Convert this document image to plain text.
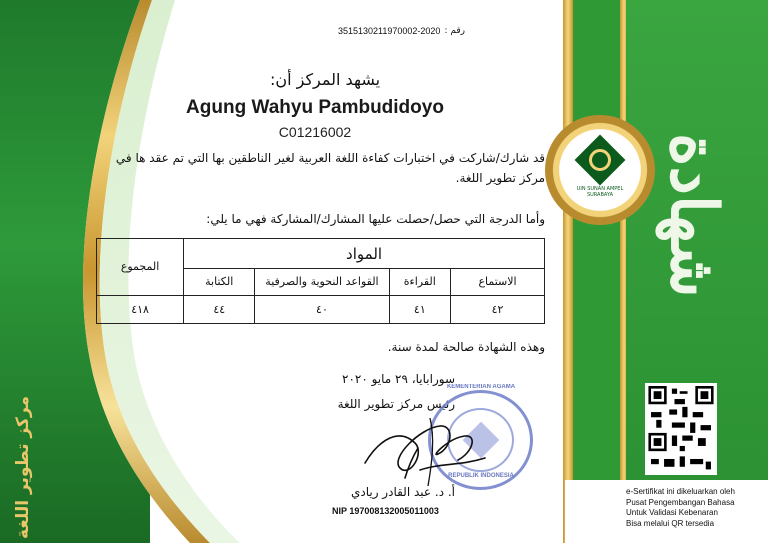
مركز تطوير اللغة
شهادة
UIN SUNAN AMPEL
SURABAYA
e-Sertifikat ini dikeluarkan oleh
Pusat Pengembangan Bahasa
Untuk Validasi Kebenaran
Bisa melalui QR tersedia
3515130211970002-2020 رقم :
يشهد المركز أن:
Agung Wahyu Pambudidoyo
C01216002
قد شارك/شاركت في اختبارات كفاءة اللغة العربية لغير الناطقين بها التي تم عقد ها في مركز تطوير اللغة.
وأما الدرجة التي حصل/حصلت عليها المشارك/المشاركة فهي ما يلي:
المواد				المجموع
الاستماع	القراءة	القواعد النحوية والصرفية	الكتابة	
٤٢	٤١	٤٠	٤٤	٤١٨
وهذه الشهادة صالحة لمدة سنة.
سورابايا، ٢٩ مايو ٢٠٢٠
رئيس مركز تطوير اللغة
KEMENTERIAN AGAMA
REPUBLIK INDONESIA
أ. د. عبد القادر ريادي
NIP 197008132005011003
